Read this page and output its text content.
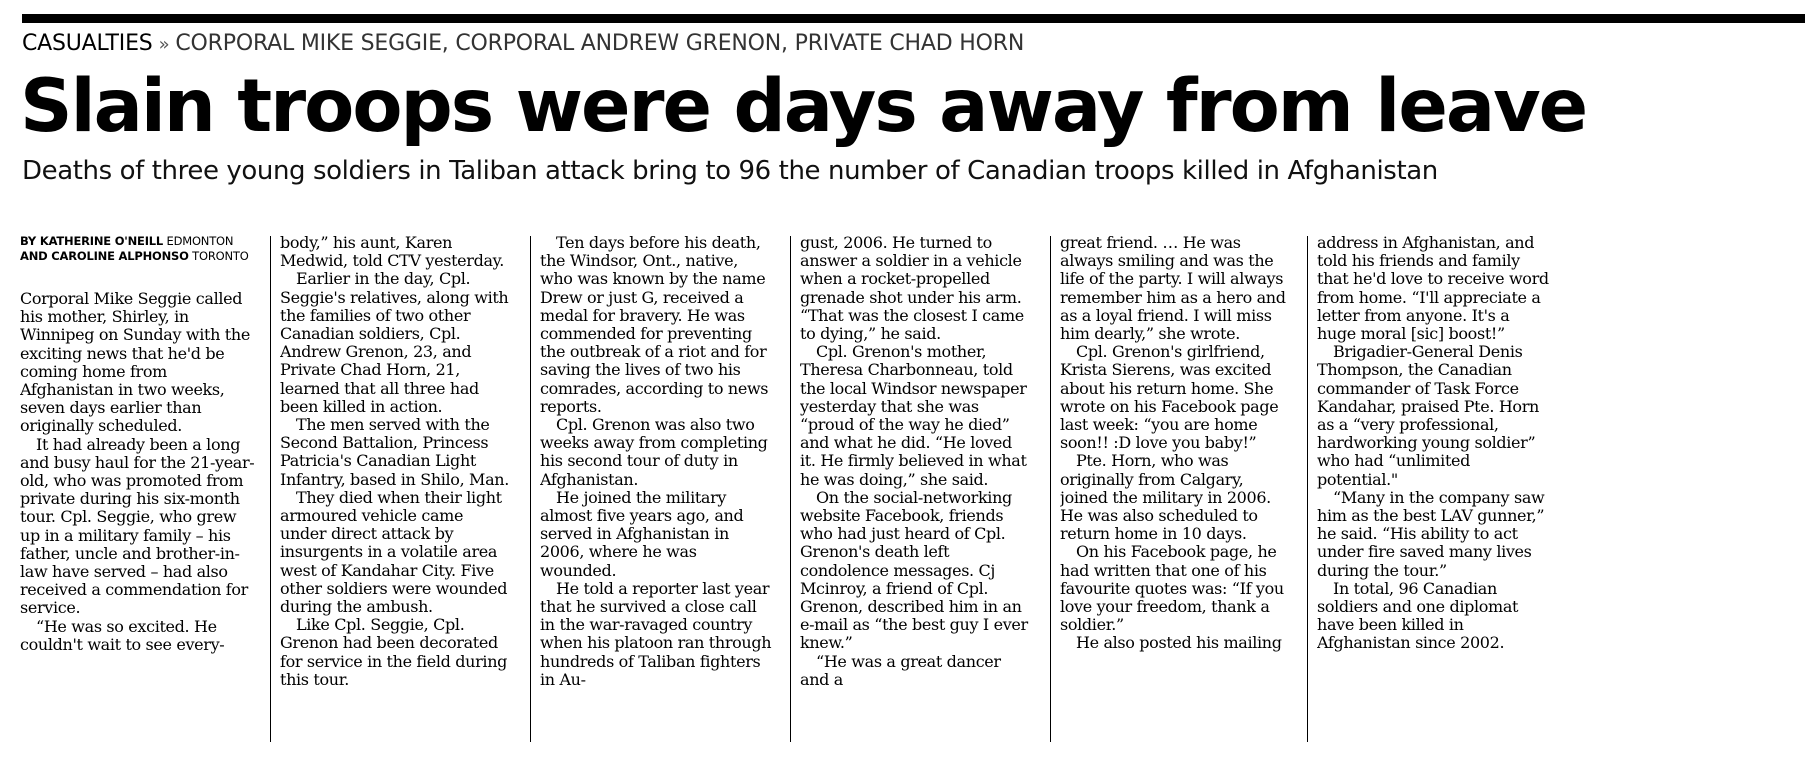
CASUALTIES » CORPORAL MIKE SEGGIE, CORPORAL ANDREW GRENON, PRIVATE CHAD HORN
Slain troops were days away from leave
Deaths of three young soldiers in Taliban attack bring to 96 the number of Canadian troops killed in Afghanistan
BY KATHERINE O'NEILL EDMONTON
AND CAROLINE ALPHONSO TORONTO

Corporal Mike Seggie called his mother, Shirley, in Winnipeg on Sunday with the exciting news that he'd be coming home from Afghanistan in two weeks, seven days earlier than originally scheduled.

It had already been a long and busy haul for the 21-year-old, who was promoted from private during his six-month tour. Cpl. Seggie, who grew up in a military family – his father, uncle and brother-in-law have served – had also received a commendation for service.

“He was so excited. He couldn't wait to see every-

body,” his aunt, Karen Medwid, told CTV yesterday.

Earlier in the day, Cpl. Seggie's relatives, along with the families of two other Canadian soldiers, Cpl. Andrew Grenon, 23, and Private Chad Horn, 21, learned that all three had been killed in action.

The men served with the Second Battalion, Princess Patricia's Canadian Light Infantry, based in Shilo, Man.

They died when their light armoured vehicle came under direct attack by insurgents in a volatile area west of Kandahar City. Five other soldiers were wounded during the ambush.

Like Cpl. Seggie, Cpl. Grenon had been decorated for service in the field during this tour.

Ten days before his death, the Windsor, Ont., native, who was known by the name Drew or just G, received a medal for bravery. He was commended for preventing the outbreak of a riot and for saving the lives of two his comrades, according to news reports.

Cpl. Grenon was also two weeks away from completing his second tour of duty in Afghanistan.

He joined the military almost five years ago, and served in Afghanistan in 2006, where he was wounded.

He told a reporter last year that he survived a close call in the war-ravaged country when his platoon ran through hundreds of Taliban fighters in Au-

gust, 2006. He turned to answer a soldier in a vehicle when a rocket-propelled grenade shot under his arm. “That was the closest I came to dying,” he said.

Cpl. Grenon's mother, Theresa Charbonneau, told the local Windsor newspaper yesterday that she was “proud of the way he died” and what he did. “He loved it. He firmly believed in what he was doing,” she said.

On the social-networking website Facebook, friends who had just heard of Cpl. Grenon's death left condolence messages. Cj Mcinroy, a friend of Cpl. Grenon, described him in an e-mail as “the best guy I ever knew.”

“He was a great dancer and a

great friend. … He was always smiling and was the life of the party. I will always remember him as a hero and as a loyal friend. I will miss him dearly,” she wrote.

Cpl. Grenon's girlfriend, Krista Sierens, was excited about his return home. She wrote on his Facebook page last week: “you are home soon!! :D love you baby!”

Pte. Horn, who was originally from Calgary, joined the military in 2006. He was also scheduled to return home in 10 days.

On his Facebook page, he had written that one of his favourite quotes was: “If you love your freedom, thank a soldier.”

He also posted his mailing

address in Afghanistan, and told his friends and family that he'd love to receive word from home. “I'll appreciate a letter from anyone. It's a huge moral [sic] boost!”

Brigadier-General Denis Thompson, the Canadian commander of Task Force Kandahar, praised Pte. Horn as a “very professional, hardworking young soldier” who had “unlimited potential."

“Many in the company saw him as the best LAV gunner,” he said. “His ability to act under fire saved many lives during the tour.”

In total, 96 Canadian soldiers and one diplomat have been killed in Afghanistan since 2002.
